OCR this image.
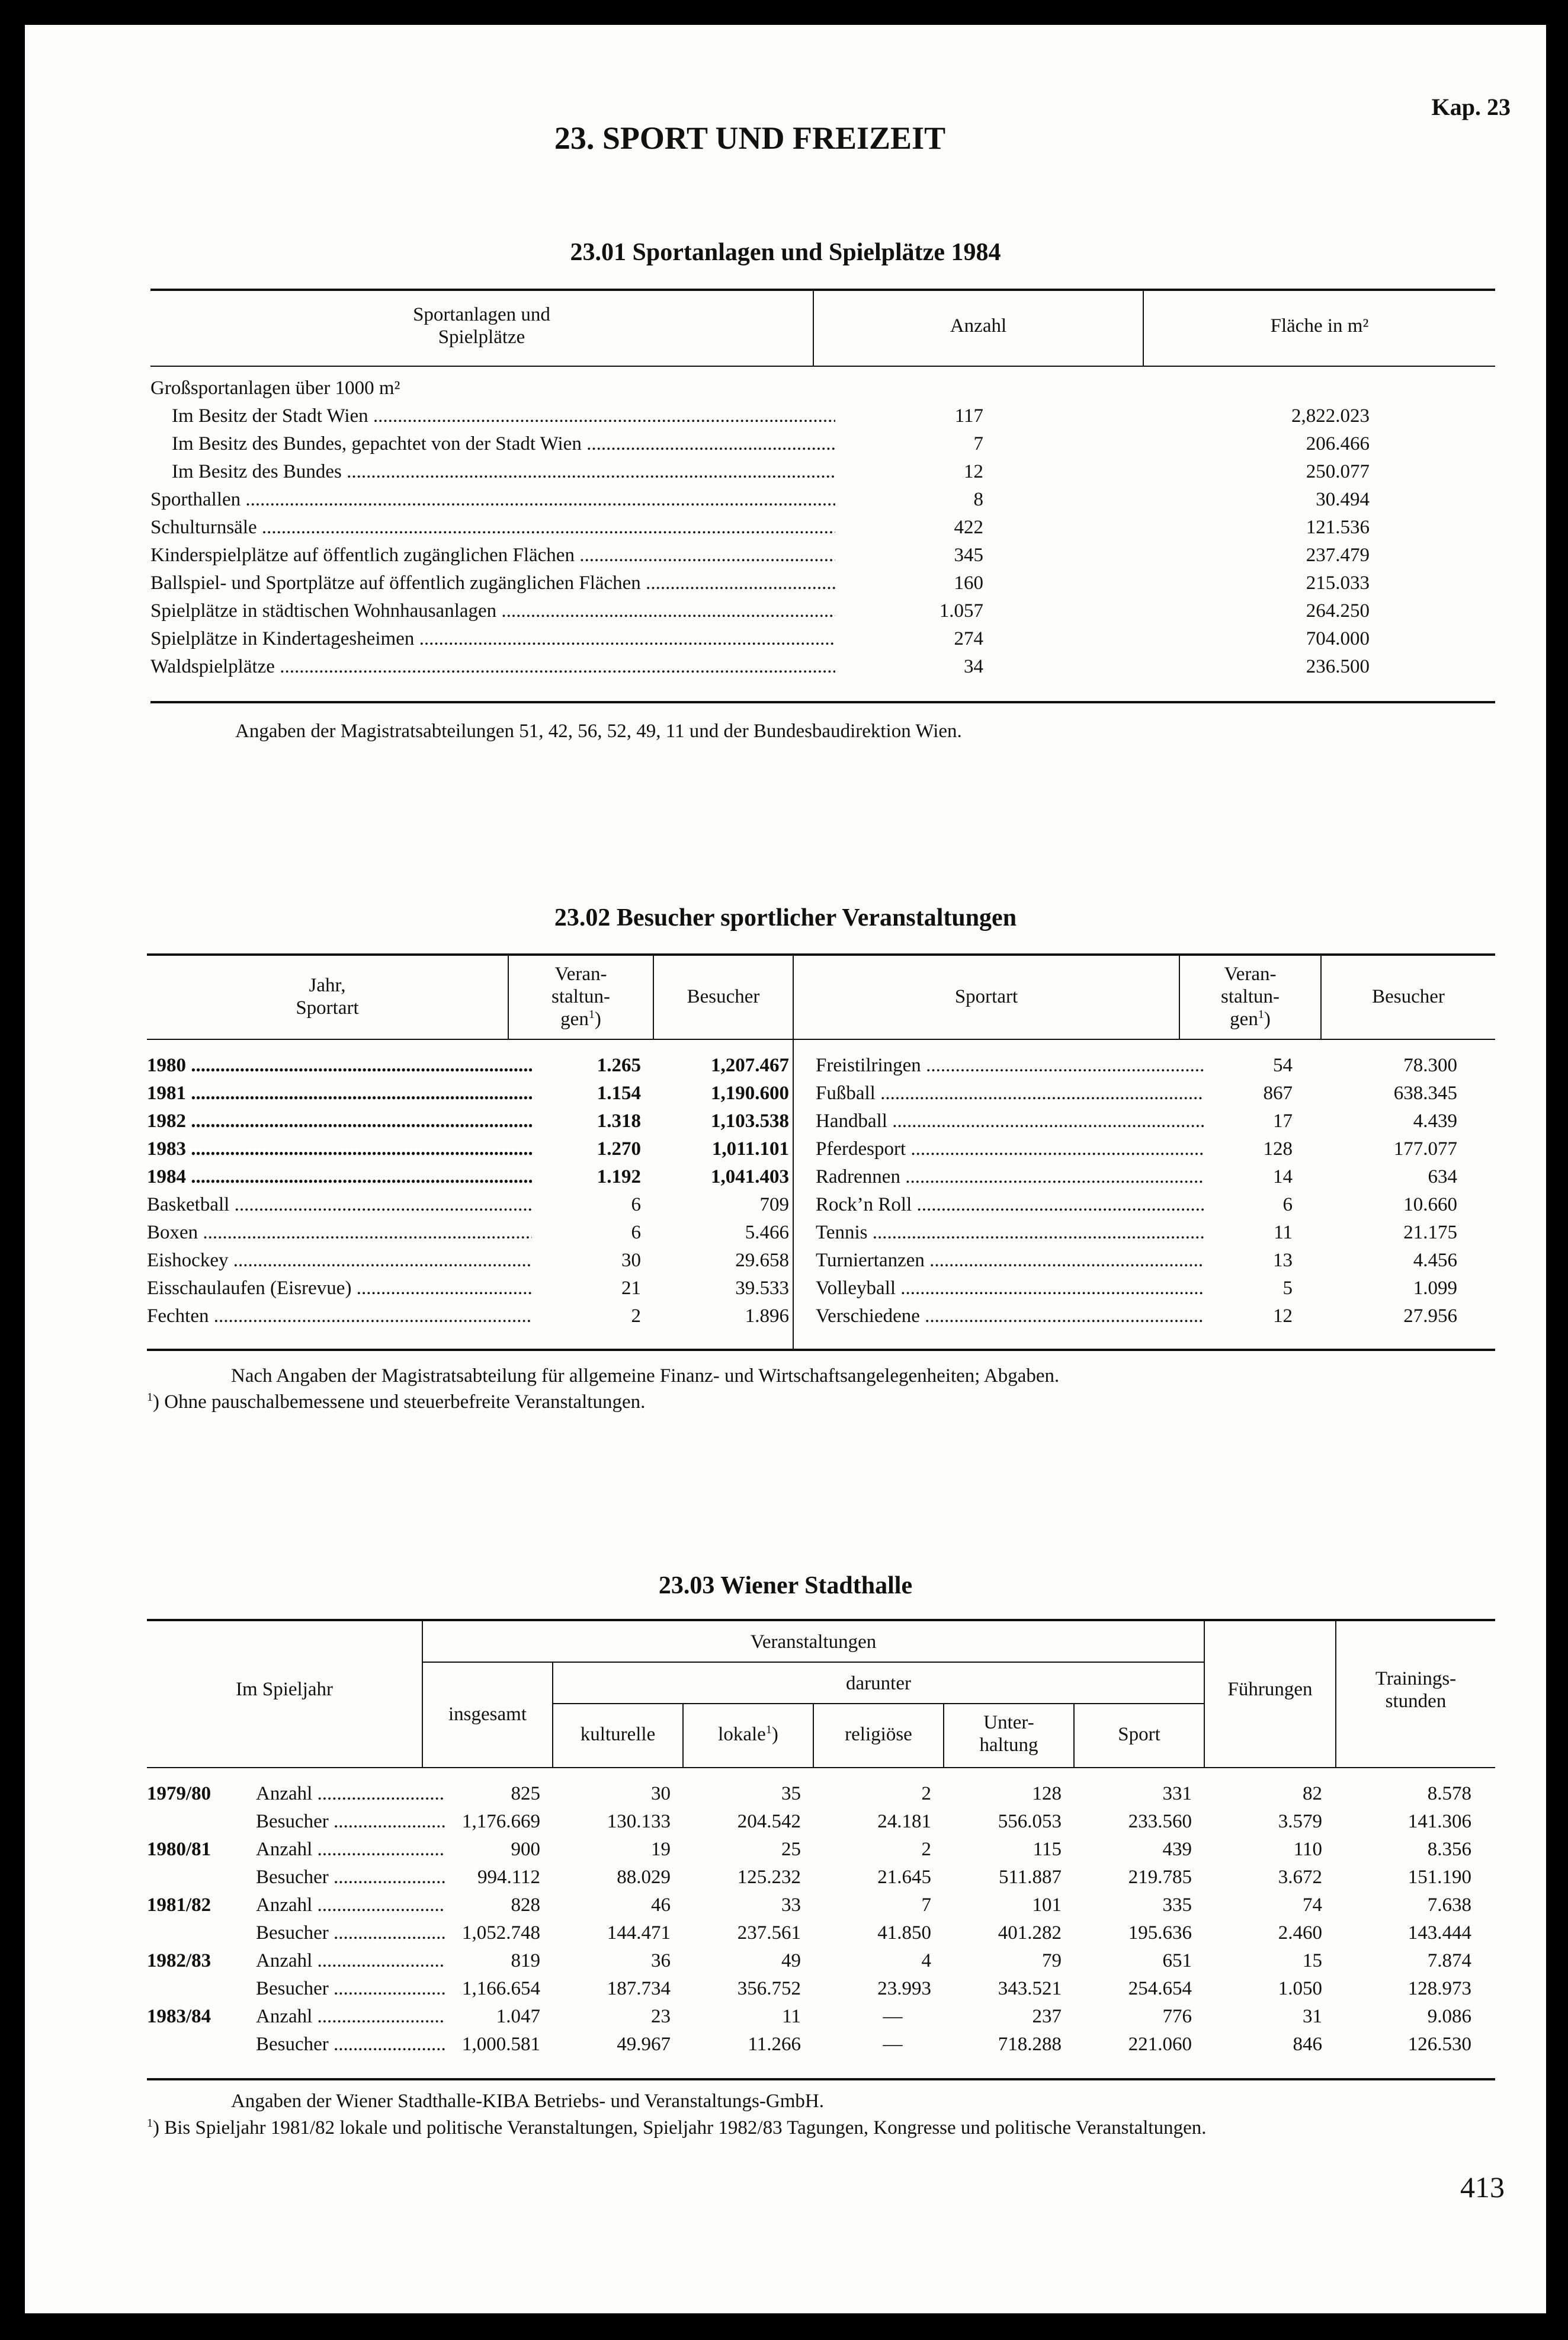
Kap. 23
23. SPORT UND FREIZEIT
23.01 Sportanlagen und Spielplätze 1984
Sportanlagen und
Spielplätze
Anzahl	Fläche in m²
Großsportanlagen über 1000 m²
Im Besitz der Stadt Wien .....	117	2,822.023
Im Besitz des Bundes, gepachtet von der Stadt Wien .....	7	206.466
Im Besitz des Bundes .....	12	250.077
Sporthallen .....	8	30.494
Schulturnsäle .....	422	121.536
Kinderspielplätze auf öffentlich zugänglichen Flächen .....	345	237.479
Ballspiel- und Sportplätze auf öffentlich zugänglichen Flächen .....	160	215.033
Spielplätze in städtischen Wohnhausanlagen .....	1.057	264.250
Spielplätze in Kindertagesheimen .....	274	704.000
Waldspielplätze .....	34	236.500
Angaben der Magistratsabteilungen 51, 42, 56, 52, 49, 11 und der Bundesbaudirektion Wien.
23.02 Besucher sportlicher Veranstaltungen
Jahr,
Sportart
Veran-
staltun-
gen$^1$)
Besucher	Sportart
Veran-
staltun-
gen$^1$)
Besucher
1980 .....	1.265	1,207.467 Freistilringen .....	54	78.300
1981 .....	1.154	1,190.600 Fußball .....	867	638.345
1982 .....	1.318	1,103.538 Handball .....	17	4.439
1983 .....	1.270	1,011.101 Pferdesport .....	128	177.077
1984 .....	1.192	1,041.403 Radrennen .....	14	634
Basketball .....	6	709 Rock’n Roll .....	6	10.660
Boxen .....	6	5.466 Tennis .....	11	21.175
Eishockey .....	30	29.658 Turniertanzen .....	13	4.456
Eisschaulaufen (Eisrevue) .....	21	39.533 Volleyball .....	5	1.099
Fechten .....	2	1.896 Verschiedene .....	12	27.956
Nach Angaben der Magistratsabteilung für allgemeine Finanz- und Wirtschaftsangelegenheiten; Abgaben.
$^1$) Ohne pauschalbemessene und steuerbefreite Veranstaltungen.
23.03 Wiener Stadthalle
Im Spieljahr
Veranstaltungen
insgesamt
darunter
kulturelle	lokale$^1$)	religiöse
Unter-
haltung	Sport
Führungen	Trainings-
stunden
1979/80	Anzahl .....	825	30	35	2	128	331	82	8.578
Besucher .....	1,176.669	130.133	204.542	24.181	556.053	233.560	3.579	141.306
1980/81	Anzahl .....	900	19	25	2	115	439	110	8.356
Besucher .....	994.112	88.029	125.232	21.645	511.887	219.785	3.672	151.190
1981/82	Anzahl .....	828	46	33	7	101	335	74	7.638
Besucher .....	1,052.748	144.471	237.561	41.850	401.282	195.636	2.460	143.444
1982/83	Anzahl .....	819	36	49	4	79	651	15	7.874
Besucher .....	1,166.654	187.734	356.752	23.993	343.521	254.654	1.050	128.973
1983/84	Anzahl .....	1.047	23	11	—	237	776	31	9.086
Besucher .....	1,000.581	49.967	11.266	—	718.288	221.060	846	126.530
Angaben der Wiener Stadthalle-KIBA Betriebs- und Veranstaltungs-GmbH.
$^1$) Bis Spieljahr 1981/82 lokale und politische Veranstaltungen, Spieljahr 1982/83 Tagungen, Kongresse und politische Veranstaltungen.
413
